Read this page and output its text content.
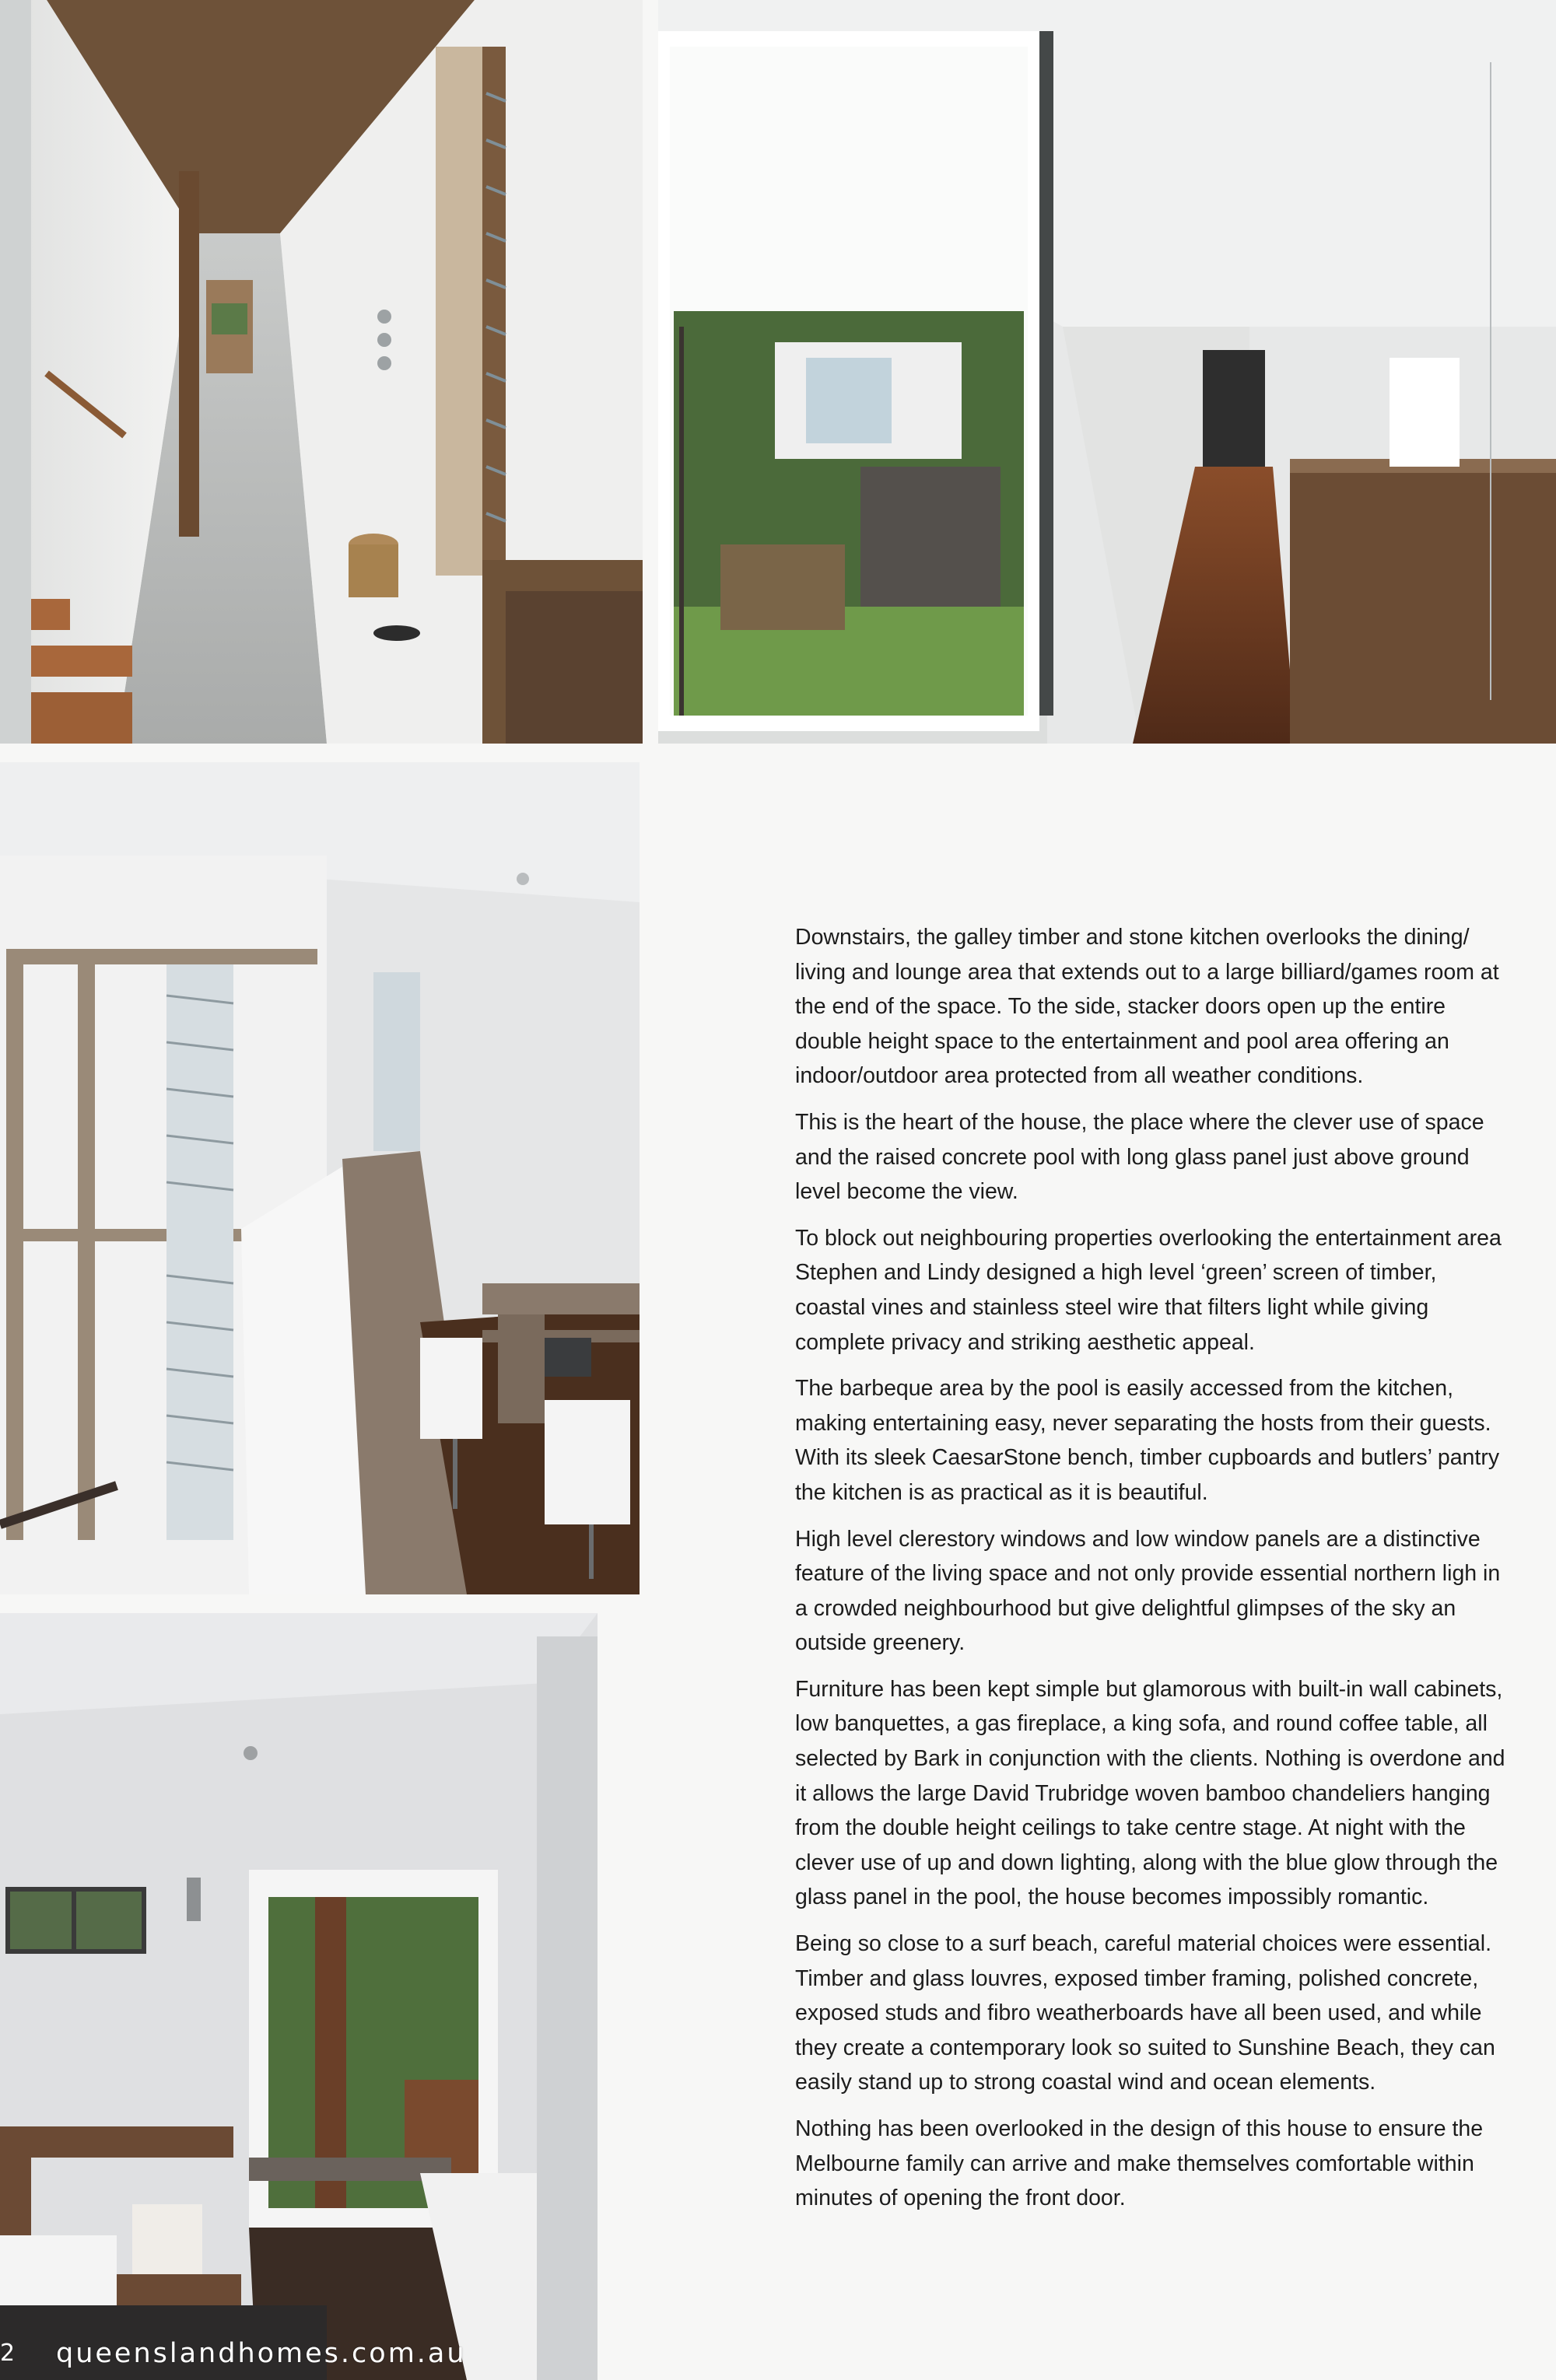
Downstairs, the galley timber and stone kitchen overlooks the dining/ living and lounge area that extends out to a large billiard/games room at the end of the space. To the side, stacker doors open up the entire double height space to the entertainment and pool area offering an indoor/outdoor area protected from all weather conditions.

This is the heart of the house, the place where the clever use of space and the raised concrete pool with long glass panel just above ground level become the view.

To block out neighbouring properties overlooking the entertainment area Stephen and Lindy designed a high level ‘green’ screen of timber, coastal vines and stainless steel wire that filters light while giving complete privacy and striking aesthetic appeal.

The barbeque area by the pool is easily accessed from the kitchen, making entertaining easy, never separating the hosts from their guests. With its sleek CaesarStone bench, timber cupboards and butlers’ pantry the kitchen is as practical as it is beautiful.

High level clerestory windows and low window panels are a distinctive feature of the living space and not only provide essential northern ligh in a crowded neighbourhood but give delightful glimpses of the sky an outside greenery.

Furniture has been kept simple but glamorous with built-in wall cabinets, low banquettes, a gas fireplace, a king sofa, and round coffee table, all selected by Bark in conjunction with the clients. Nothing is overdone and it allows the large David Trubridge woven bamboo chandeliers hanging from the double height ceilings to take centre stage. At night with the clever use of up and down lighting, along with the blue glow through the glass panel in the pool, the house becomes impossibly romantic.

Being so close to a surf beach, careful material choices were essential. Timber and glass louvres, exposed timber framing, polished concrete, exposed studs and fibro weatherboards have all been used, and while they create a contemporary look so suited to Sunshine Beach, they can easily stand up to strong coastal wind and ocean elements.

Nothing has been overlooked in the design of this house to ensure the Melbourne family can arrive and make themselves comfortable within minutes of opening the front door.

2 queenslandhomes.com.au
